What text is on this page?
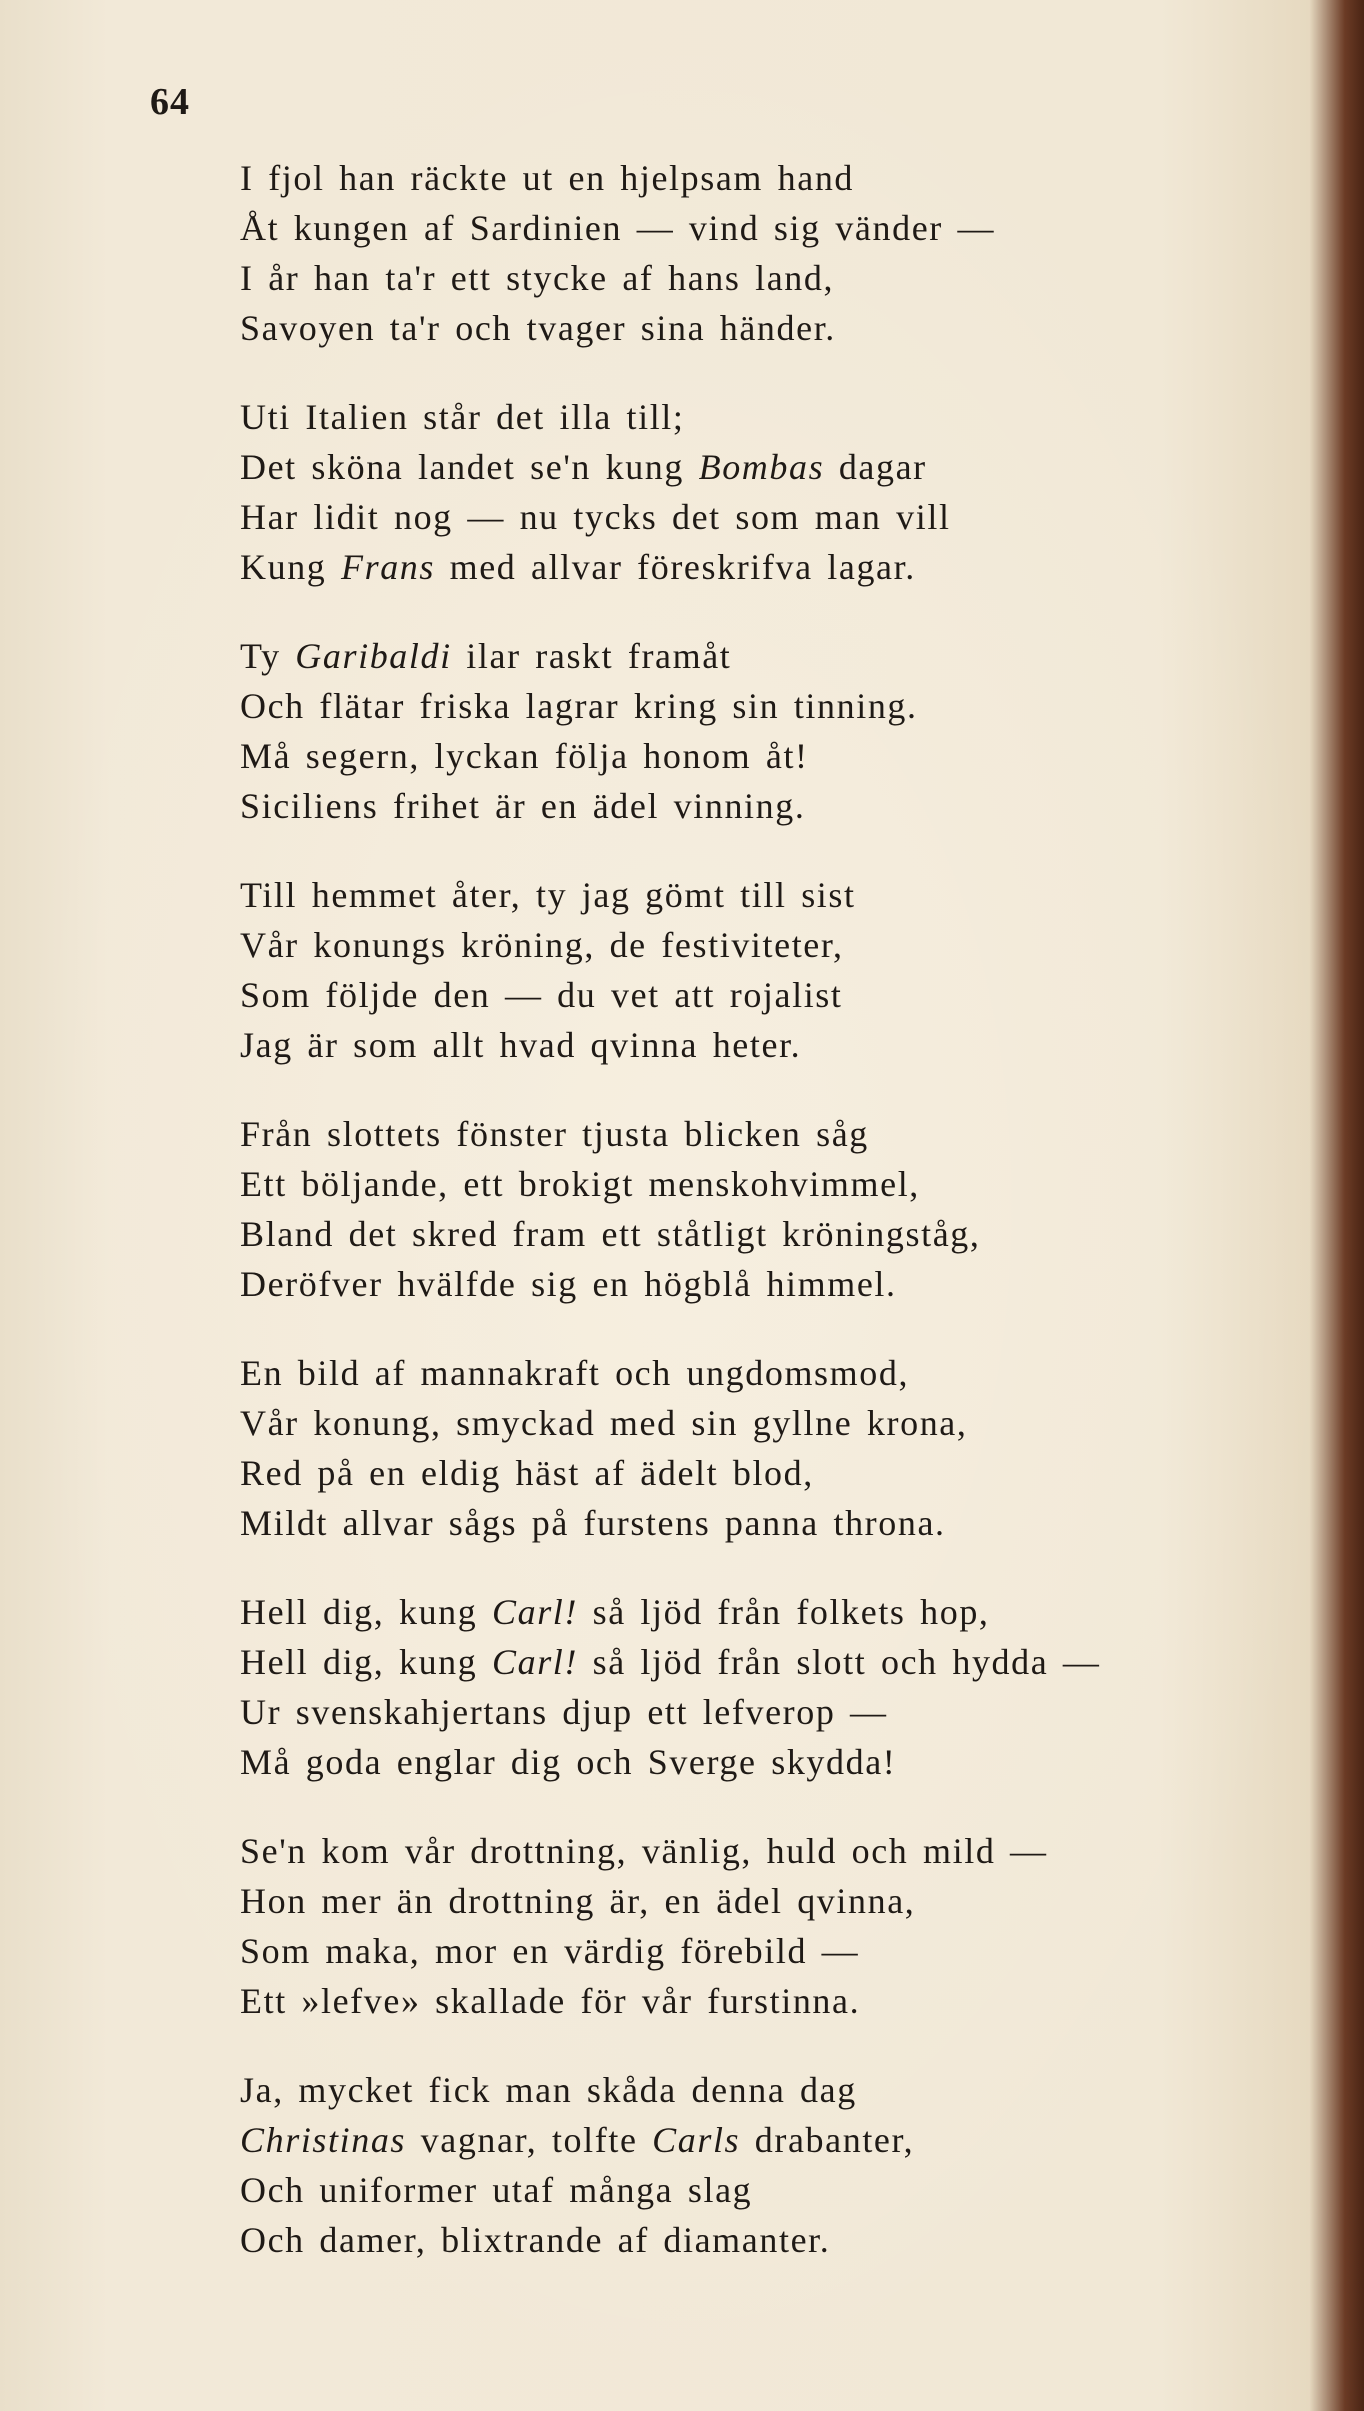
64
I fjol han räckte ut en hjelpsam hand
Åt kungen af Sardinien — vind sig vänder —
I år han ta'r ett stycke af hans land,
Savoyen ta'r och tvager sina händer.
Uti Italien står det illa till;
Det sköna landet se'n kung Bombas dagar
Har lidit nog — nu tycks det som man vill
Kung Frans med allvar föreskrifva lagar.
Ty Garibaldi ilar raskt framåt
Och flätar friska lagrar kring sin tinning.
Må segern, lyckan följa honom åt!
Siciliens frihet är en ädel vinning.
Till hemmet åter, ty jag gömt till sist
Vår konungs kröning, de festiviteter,
Som följde den — du vet att rojalist
Jag är som allt hvad qvinna heter.
Från slottets fönster tjusta blicken såg
Ett böljande, ett brokigt menskohvimmel,
Bland det skred fram ett ståtligt kröningståg,
Deröfver hvälfde sig en högblå himmel.
En bild af mannakraft och ungdomsmod,
Vår konung, smyckad med sin gyllne krona,
Red på en eldig häst af ädelt blod,
Mildt allvar sågs på furstens panna throna.
Hell dig, kung Carl! så ljöd från folkets hop,
Hell dig, kung Carl! så ljöd från slott och hydda —
Ur svenskahjertans djup ett lefverop —
Må goda englar dig och Sverge skydda!
Se'n kom vår drottning, vänlig, huld och mild —
Hon mer än drottning är, en ädel qvinna,
Som maka, mor en värdig förebild —
Ett »lefve» skallade för vår furstinna.
Ja, mycket fick man skåda denna dag
Christinas vagnar, tolfte Carls drabanter,
Och uniformer utaf många slag
Och damer, blixtrande af diamanter.
